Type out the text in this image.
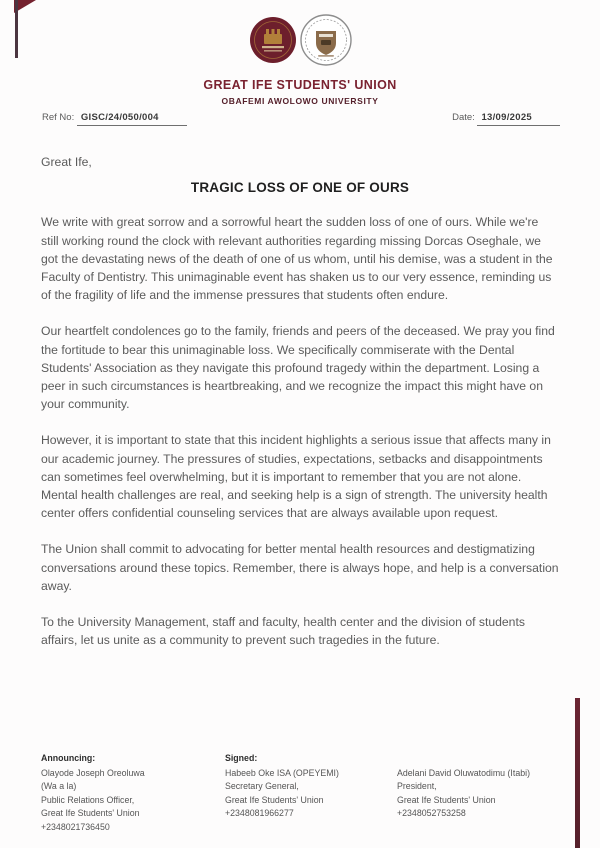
GREAT IFE STUDENTS' UNION
OBAFEMI AWOLOWO UNIVERSITY
Ref No: GISC/24/050/004	Date: 13/09/2025
Great Ife,
TRAGIC LOSS OF ONE OF OURS

We write with great sorrow and a sorrowful heart the sudden loss of one of ours. While we're still working round the clock with relevant authorities regarding missing Dorcas Oseghale, we got the devastating news of the death of one of us whom, until his demise, was a student in the Faculty of Dentistry. This unimaginable event has shaken us to our very essence, reminding us of the fragility of life and the immense pressures that students often endure.

Our heartfelt condolences go to the family, friends and peers of the deceased. We pray you find the fortitude to bear this unimaginable loss. We specifically commiserate with the Dental Students' Association as they navigate this profound tragedy within the department. Losing a peer in such circumstances is heartbreaking, and we recognize the impact this might have on your community.

However, it is important to state that this incident highlights a serious issue that affects many in our academic journey. The pressures of studies, expectations, setbacks and disappointments can sometimes feel overwhelming, but it is important to remember that you are not alone. Mental health challenges are real, and seeking help is a sign of strength. The university health center offers confidential counseling services that are always available upon request.

The Union shall commit to advocating for better mental health resources and destigmatizing conversations around these topics. Remember, there is always hope, and help is a conversation away.

To the University Management, staff and faculty, health center and the division of students affairs, let us unite as a community to prevent such tragedies in the future.

Announcing:
Olayode Joseph Oreoluwa
(Wa a la)
Public Relations Officer,
Great Ife Students' Union
+2348021736450
Signed:
Habeeb Oke ISA (OPEYEMI)
Secretary General,
Great Ife Students' Union
+2348081966277
Adelani David Oluwatodimu (Itabi)
President,
Great Ife Students' Union
+2348052753258
